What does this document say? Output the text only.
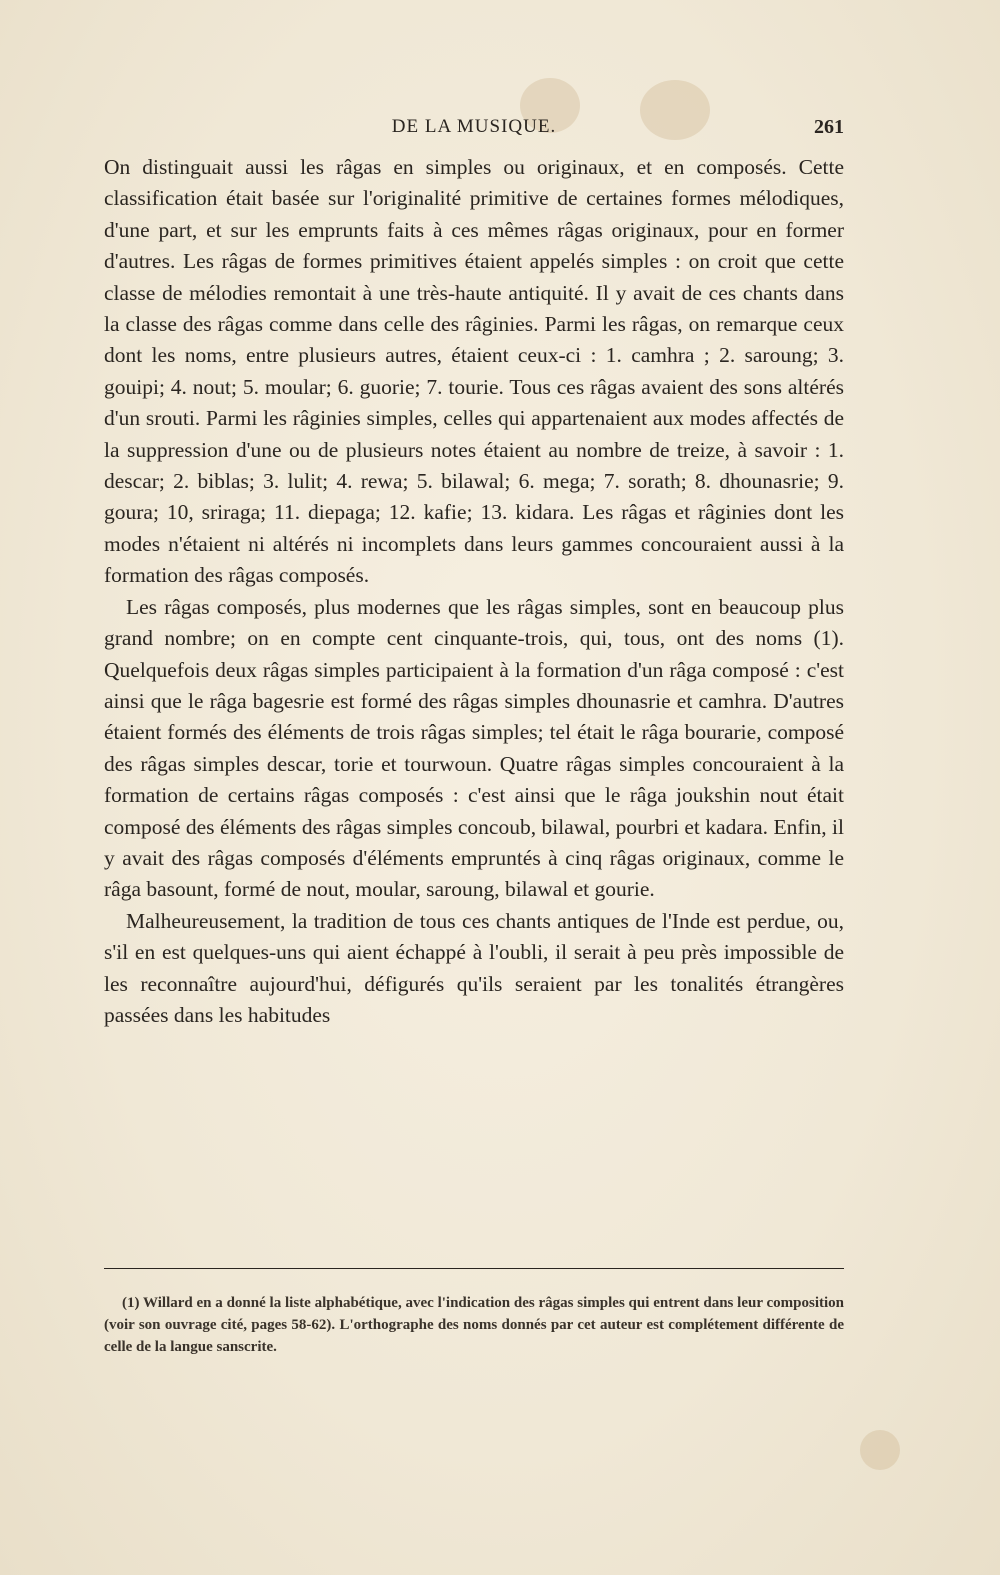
DE LA MUSIQUE.	261

On distinguait aussi les râgas en simples ou originaux, et en composés. Cette classification était basée sur l'originalité primitive de certaines formes mélodiques, d'une part, et sur les emprunts faits à ces mêmes râgas originaux, pour en former d'autres. Les râgas de formes primitives étaient appelés simples : on croit que cette classe de mélodies remontait à une très-haute antiquité. Il y avait de ces chants dans la classe des râgas comme dans celle des râginies. Parmi les râgas, on remarque ceux dont les noms, entre plusieurs autres, étaient ceux-ci : 1. camhra ; 2. saroung; 3. gouipi; 4. nout; 5. moular; 6. guorie; 7. tourie. Tous ces râgas avaient des sons altérés d'un srouti. Parmi les râginies simples, celles qui appartenaient aux modes affectés de la suppression d'une ou de plusieurs notes étaient au nombre de treize, à savoir : 1. descar; 2. biblas; 3. lulit; 4. rewa; 5. bilawal; 6. mega; 7. sorath; 8. dhounasrie; 9. goura; 10, sriraga; 11. diepaga; 12. kafie; 13. kidara. Les râgas et râginies dont les modes n'étaient ni altérés ni incomplets dans leurs gammes concouraient aussi à la formation des râgas composés.

Les râgas composés, plus modernes que les râgas simples, sont en beaucoup plus grand nombre; on en compte cent cinquante-trois, qui, tous, ont des noms (1). Quelquefois deux râgas simples participaient à la formation d'un râga composé : c'est ainsi que le râga bagesrie est formé des râgas simples dhounasrie et camhra. D'autres étaient formés des éléments de trois râgas simples; tel était le râga bourarie, composé des râgas simples descar, torie et tourwoun. Quatre râgas simples concouraient à la formation de certains râgas composés : c'est ainsi que le râga joukshin nout était composé des éléments des râgas simples concoub, bilawal, pourbri et kadara. Enfin, il y avait des râgas composés d'éléments empruntés à cinq râgas originaux, comme le râga basount, formé de nout, moular, saroung, bilawal et gourie.

Malheureusement, la tradition de tous ces chants antiques de l'Inde est perdue, ou, s'il en est quelques-uns qui aient échappé à l'oubli, il serait à peu près impossible de les reconnaître aujourd'hui, défigurés qu'ils seraient par les tonalités étrangères passées dans les habitudes

(1) Willard en a donné la liste alphabétique, avec l'indication des râgas simples qui entrent dans leur composition (voir son ouvrage cité, pages 58-62). L'orthographe des noms donnés par cet auteur est complétement différente de celle de la langue sanscrite.
